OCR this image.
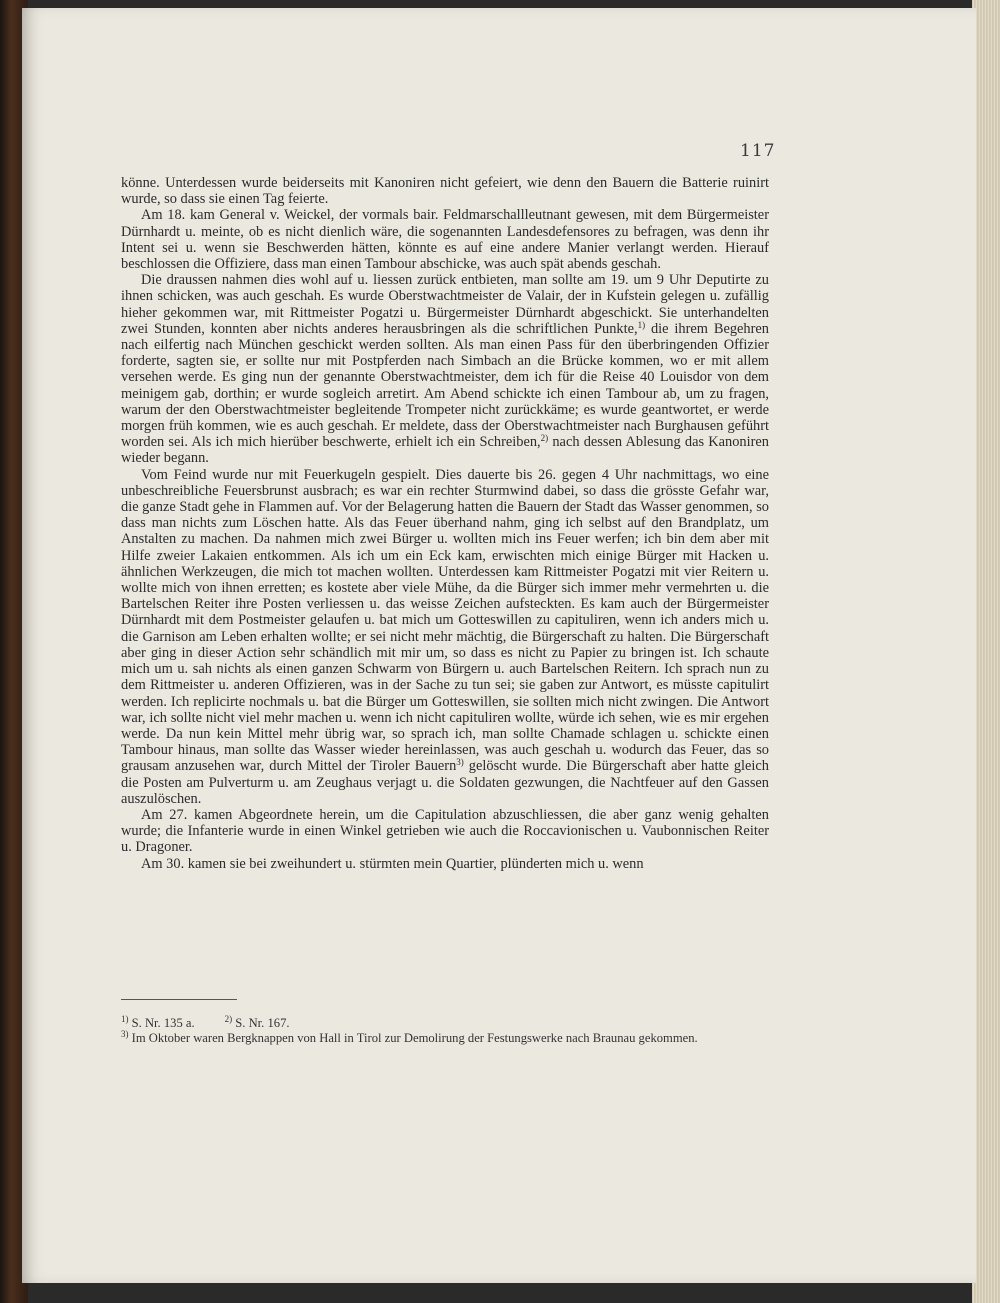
117

könne. Unterdessen wurde beiderseits mit Kanoniren nicht gefeiert, wie denn den Bauern die Batterie ruinirt wurde, so dass sie einen Tag feierte.

Am 18. kam General v. Weickel, der vormals bair. Feldmarschallleutnant gewesen, mit dem Bürgermeister Dürnhardt u. meinte, ob es nicht dienlich wäre, die sogenannten Landesdefensores zu befragen, was denn ihr Intent sei u. wenn sie Beschwerden hätten, könnte es auf eine andere Manier verlangt werden. Hierauf beschlossen die Offiziere, dass man einen Tambour abschicke, was auch spät abends geschah.

Die draussen nahmen dies wohl auf u. liessen zurück entbieten, man sollte am 19. um 9 Uhr Deputirte zu ihnen schicken, was auch geschah. Es wurde Oberstwachtmeister de Valair, der in Kufstein gelegen u. zufällig hieher gekommen war, mit Rittmeister Pogatzi u. Bürgermeister Dürnhardt abgeschickt. Sie unterhandelten zwei Stunden, konnten aber nichts anderes herausbringen als die schriftlichen Punkte,$^{1)}$ die ihrem Begehren nach eilfertig nach München geschickt werden sollten. Als man einen Pass für den überbringenden Offizier forderte, sagten sie, er sollte nur mit Postpferden nach Simbach an die Brücke kommen, wo er mit allem versehen werde. Es ging nun der genannte Oberstwachtmeister, dem ich für die Reise 40 Louisdor von dem meinigem gab, dorthin; er wurde sogleich arretirt. Am Abend schickte ich einen Tambour ab, um zu fragen, warum der den Oberstwachtmeister begleitende Trompeter nicht zurückkäme; es wurde geantwortet, er werde morgen früh kommen, wie es auch geschah. Er meldete, dass der Oberstwachtmeister nach Burghausen geführt worden sei. Als ich mich hierüber beschwerte, erhielt ich ein Schreiben,$^{2)}$ nach dessen Ablesung das Kanoniren wieder begann.

Vom Feind wurde nur mit Feuerkugeln gespielt. Dies dauerte bis 26. gegen 4 Uhr nachmittags, wo eine unbeschreibliche Feuersbrunst ausbrach; es war ein rechter Sturmwind dabei, so dass die grösste Gefahr war, die ganze Stadt gehe in Flammen auf. Vor der Belagerung hatten die Bauern der Stadt das Wasser genommen, so dass man nichts zum Löschen hatte. Als das Feuer überhand nahm, ging ich selbst auf den Brandplatz, um Anstalten zu machen. Da nahmen mich zwei Bürger u. wollten mich ins Feuer werfen; ich bin dem aber mit Hilfe zweier Lakaien entkommen. Als ich um ein Eck kam, erwischten mich einige Bürger mit Hacken u. ähnlichen Werkzeugen, die mich tot machen wollten. Unterdessen kam Rittmeister Pogatzi mit vier Reitern u. wollte mich von ihnen erretten; es kostete aber viele Mühe, da die Bürger sich immer mehr vermehrten u. die Bartelschen Reiter ihre Posten verliessen u. das weisse Zeichen aufsteckten. Es kam auch der Bürgermeister Dürnhardt mit dem Postmeister gelaufen u. bat mich um Gotteswillen zu capituliren, wenn ich anders mich u. die Garnison am Leben erhalten wollte; er sei nicht mehr mächtig, die Bürgerschaft zu halten. Die Bürgerschaft aber ging in dieser Action sehr schändlich mit mir um, so dass es nicht zu Papier zu bringen ist. Ich schaute mich um u. sah nichts als einen ganzen Schwarm von Bürgern u. auch Bartelschen Reitern. Ich sprach nun zu dem Rittmeister u. anderen Offizieren, was in der Sache zu tun sei; sie gaben zur Antwort, es müsste capitulirt werden. Ich replicirte nochmals u. bat die Bürger um Gotteswillen, sie sollten mich nicht zwingen. Die Antwort war, ich sollte nicht viel mehr machen u. wenn ich nicht capituliren wollte, würde ich sehen, wie es mir ergehen werde. Da nun kein Mittel mehr übrig war, so sprach ich, man sollte Chamade schlagen u. schickte einen Tambour hinaus, man sollte das Wasser wieder hereinlassen, was auch geschah u. wodurch das Feuer, das so grausam anzusehen war, durch Mittel der Tiroler Bauern$^{3)}$ gelöscht wurde. Die Bürgerschaft aber hatte gleich die Posten am Pulverturm u. am Zeughaus verjagt u. die Soldaten gezwungen, die Nachtfeuer auf den Gassen auszulöschen.

Am 27. kamen Abgeordnete herein, um die Capitulation abzuschliessen, die aber ganz wenig gehalten wurde; die Infanterie wurde in einen Winkel getrieben wie auch die Roccavionischen u. Vaubonnischen Reiter u. Dragoner.

Am 30. kamen sie bei zweihundert u. stürmten mein Quartier, plünderten mich u. wenn

$^{1)}$ S. Nr. 135 a.	$^{2)}$ S. Nr. 167.

$^{3)}$ Im Oktober waren Bergknappen von Hall in Tirol zur Demolirung der Festungswerke nach Braunau gekommen.
